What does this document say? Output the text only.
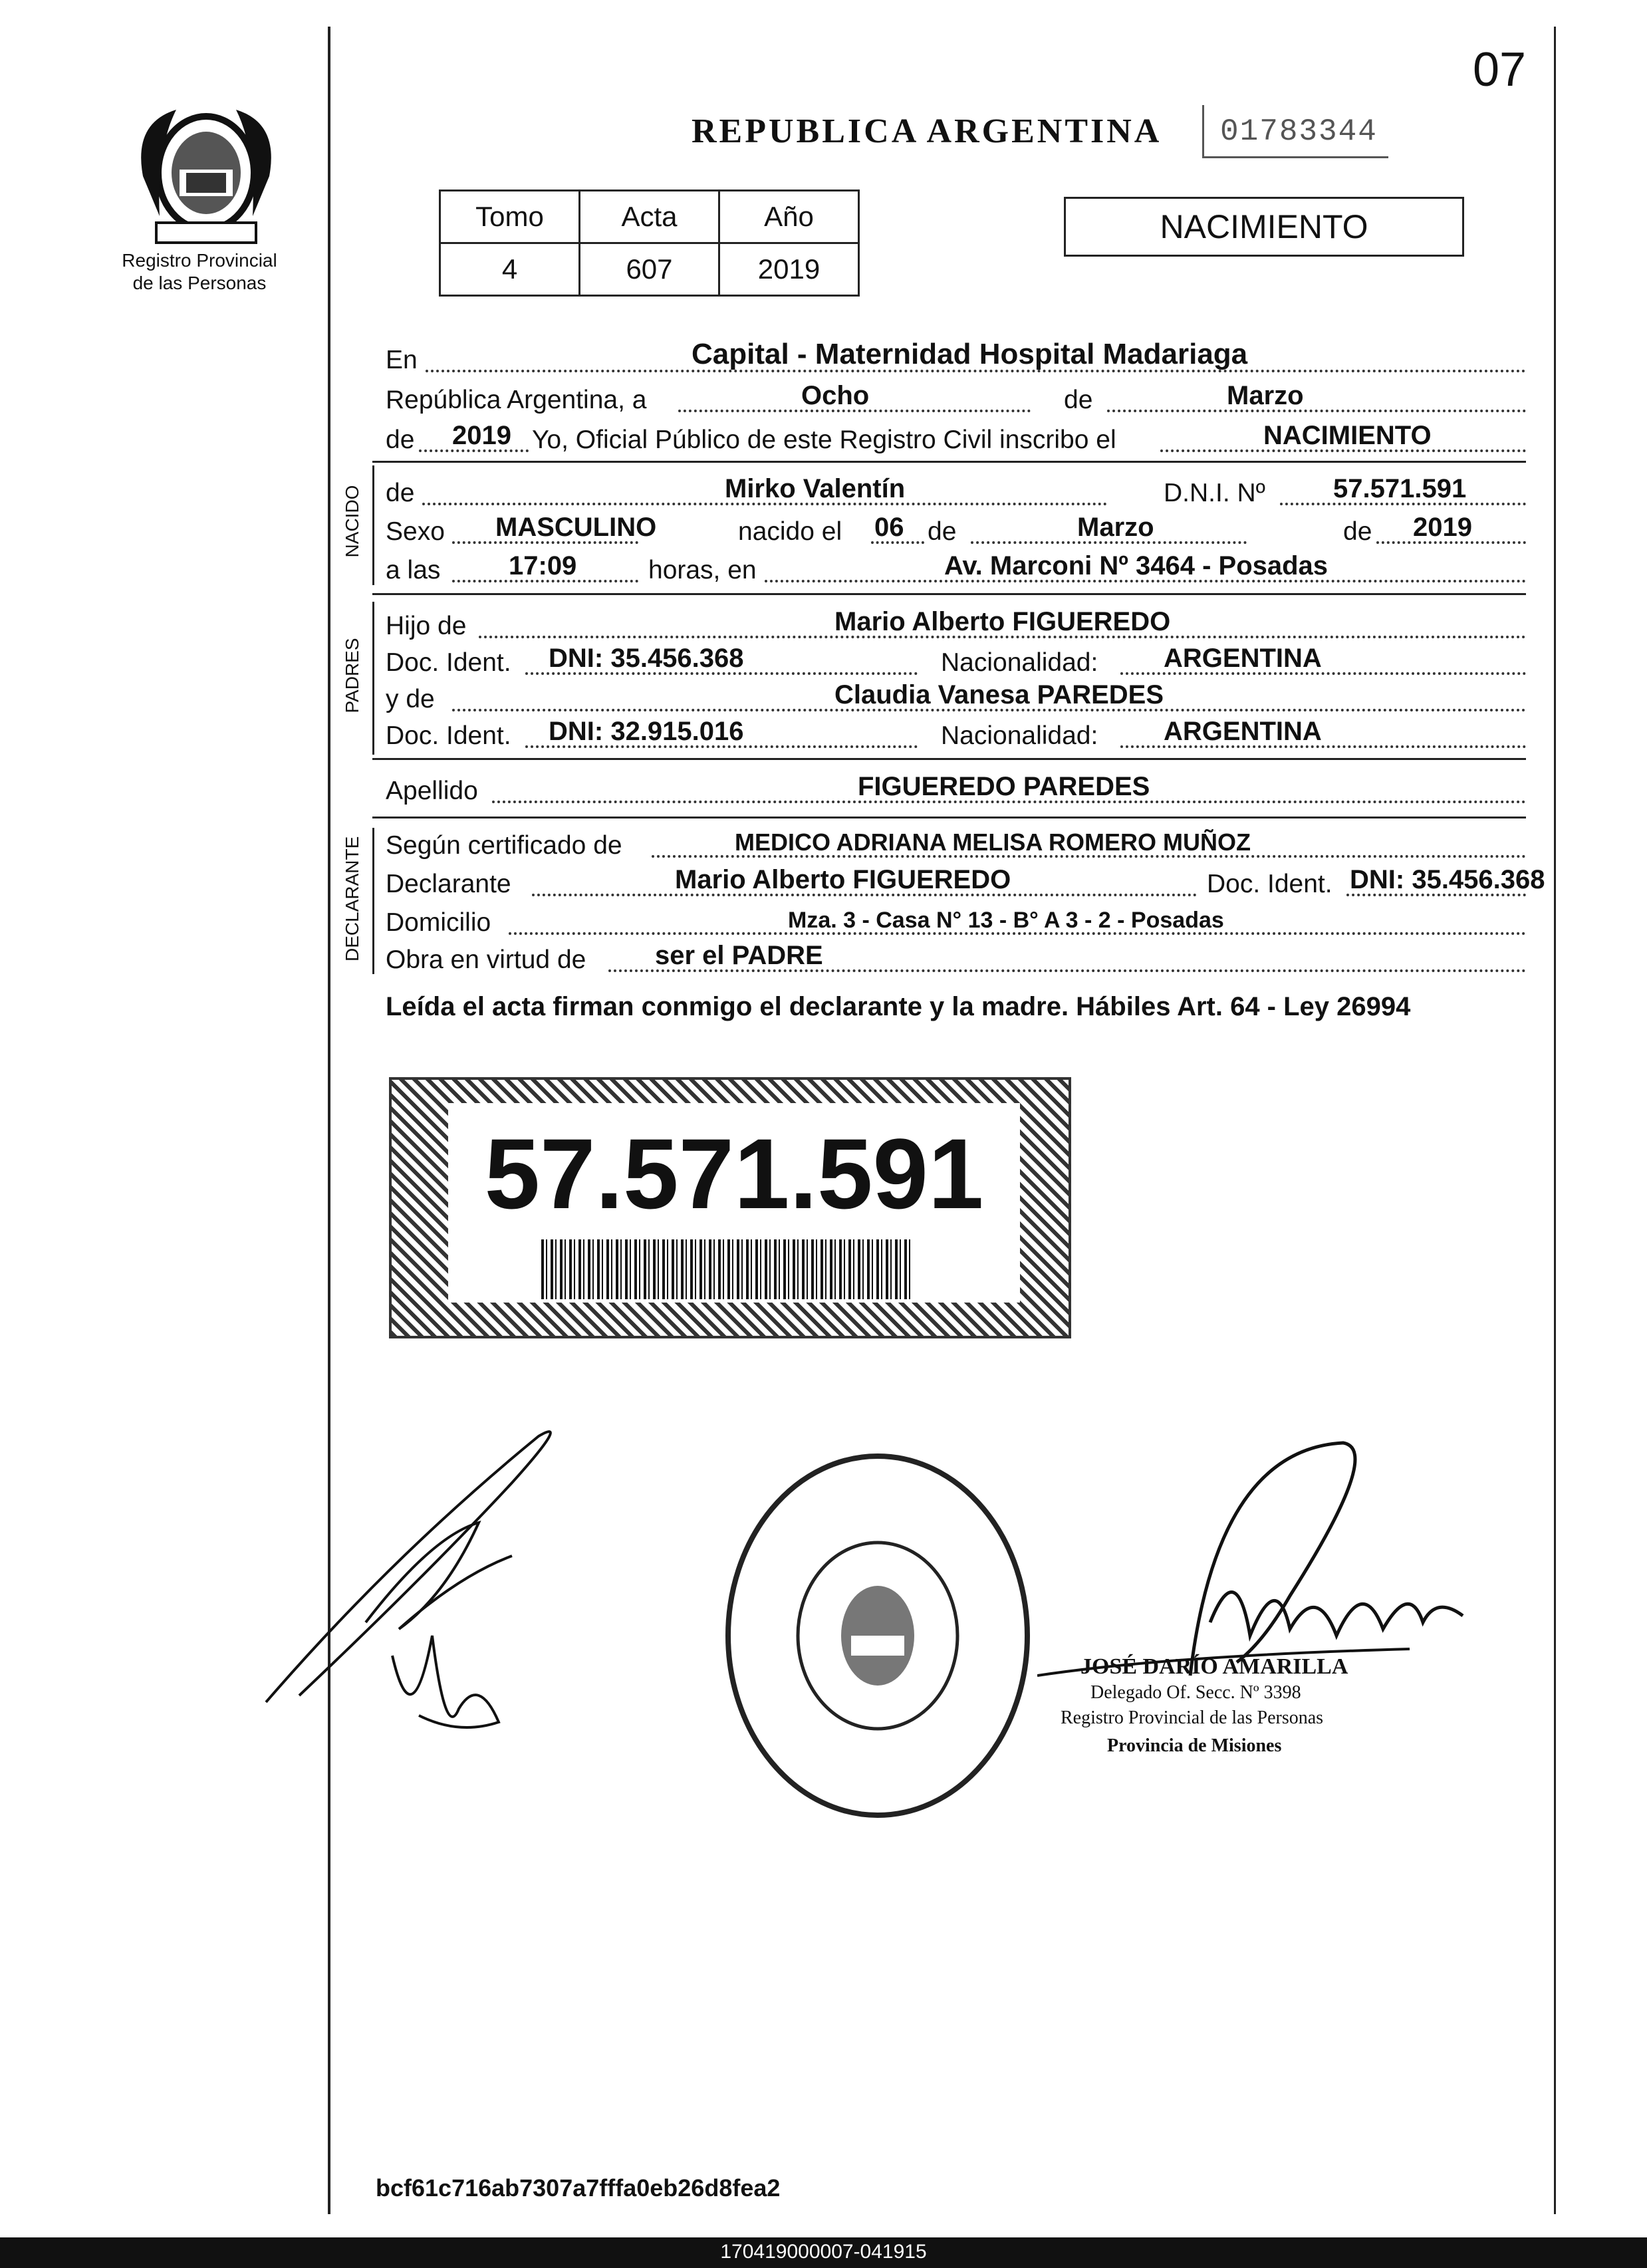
Registro Provincial
de las Personas
07
REPUBLICA ARGENTINA	01783344
Tomo	Acta	Año
4	607	2019
NACIMIENTO
En	Capital - Maternidad Hospital Madariaga
República Argentina, a	Ocho	de	Marzo
de 2019 Yo, Oficial Público de este Registro Civil inscribo el	NACIMIENTO
NACIDO de	Mirko Valentín	D.N.I. Nº	57.571.591
Sexo MASCULINO	nacido el 06 de	Marzo	de 2019
a las	17:09	horas, en	Av. Marconi Nº 3464 - Posadas
PADRES
Hijo de	Mario Alberto FIGUEREDO
Doc. Ident. DNI: 35.456.368	Nacionalidad: ARGENTINA
y de	Claudia Vanesa PAREDES
Doc. Ident. DNI: 32.915.016	Nacionalidad: ARGENTINA
Apellido	FIGUEREDO PAREDES
DECLARANTE Según certificado de	MEDICO ADRIANA MELISA ROMERO MUÑOZ
Declarante	Mario Alberto FIGUEREDO	Doc. Ident. DNI: 35.456.368
Domicilio	Mza. 3 - Casa N° 13 - B° A 3 - 2 - Posadas
Obra en virtud de	ser el PADRE
Leída el acta firman conmigo el declarante y la madre. Hábiles Art. 64 - Ley 26994
57.571.591
JOSÉ DARÍO AMARILLA
Delegado Of. Secc. Nº 3398
Registro Provincial de las Personas
Provincia de Misiones
bcf61c716ab7307a7fffa0eb26d8fea2
170419000007-041915
